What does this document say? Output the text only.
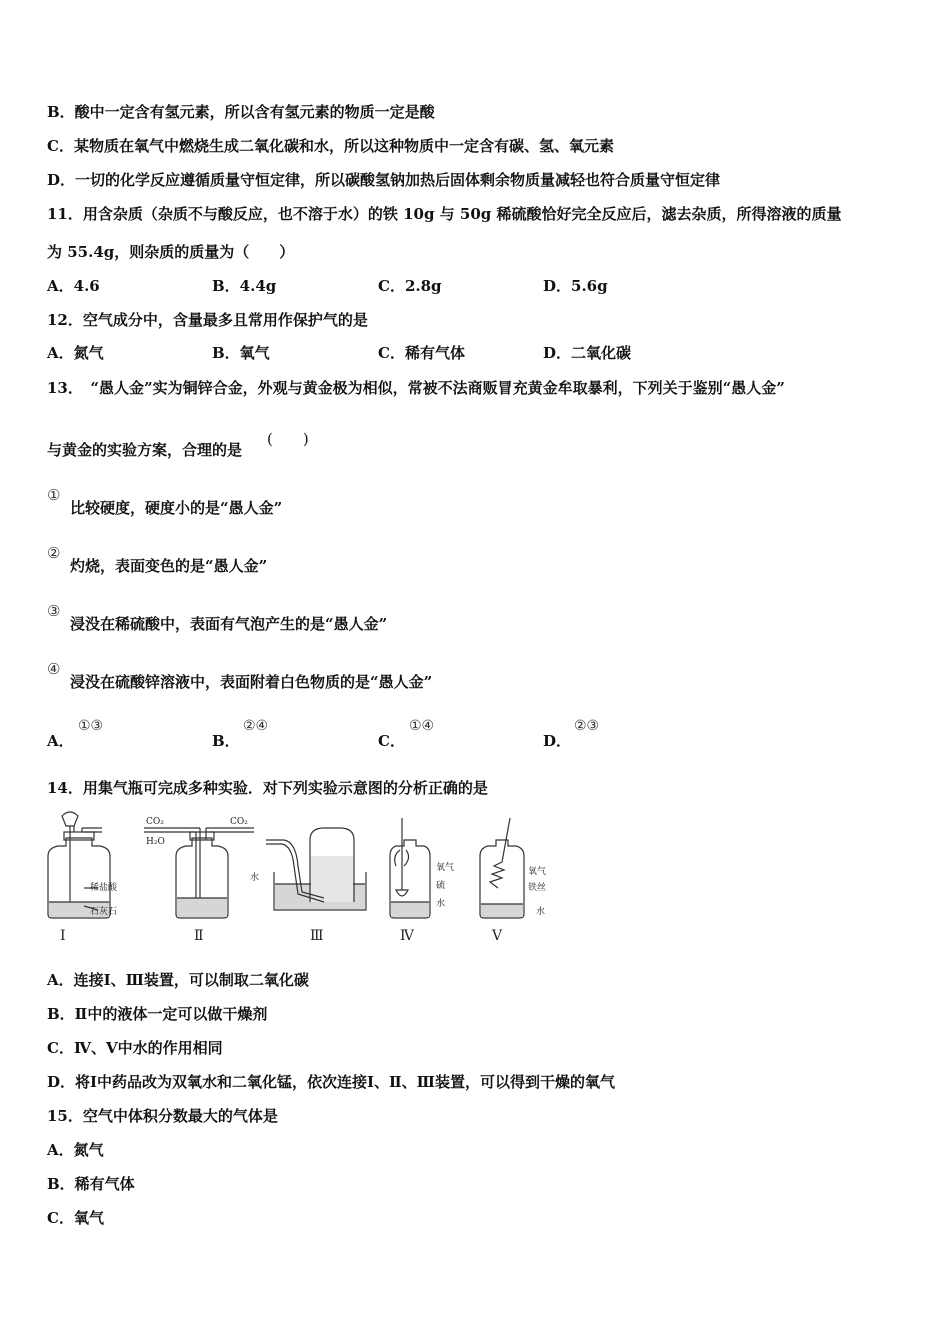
B．酸中一定含有氢元素，所以含有氢元素的物质一定是酸
C．某物质在氧气中燃烧生成二氧化碳和水，所以这种物质中一定含有碳、氢、氧元素
D．一切的化学反应遵循质量守恒定律，所以碳酸氢钠加热后固体剩余物质量减轻也符合质量守恒定律
11．用含杂质（杂质不与酸反应，也不溶于水）的铁 10g 与 50g 稀硫酸恰好完全反应后，滤去杂质，所得溶液的质量
为 55.4g，则杂质的质量为（　　）
A．4.6	B．4.4g	C．2.8g	D．5.6g
12．空气成分中，含量最多且常用作保护气的是
A．氮气	B．氧气	C．稀有气体	D．二氧化碳
13．　“愚人金”实为铜锌合金，外观与黄金极为相似，常被不法商贩冒充黄金牟取暴利，下列关于鉴别“愚人金”
与黄金的实验方案，合理的是
(　　)
①
比较硬度，硬度小的是“愚人金”
②
灼烧，表面变色的是“愚人金”
③
浸没在稀硫酸中，表面有气泡产生的是“愚人金”
④
浸没在硫酸锌溶液中，表面附着白色物质的是“愚人金”
A．
①③
B．
②④
C．
①④
D．
②③
14．用集气瓶可完成多种实验．对下列实验示意图的分析正确的是
稀盐酸
石灰石
CO₂
H₂O
CO₂
水
氧气
硫
水
氧气
铁丝
水
Ⅰ	Ⅱ	Ⅲ	Ⅳ	Ⅴ
A．连接Ⅰ、Ⅲ装置，可以制取二氧化碳
B．Ⅱ中的液体一定可以做干燥剂
C．Ⅳ、Ⅴ中水的作用相同
D．将Ⅰ中药品改为双氧水和二氧化锰，依次连接Ⅰ、Ⅱ、Ⅲ装置，可以得到干燥的氧气
15．空气中体积分数最大的气体是
A．氮气
B．稀有气体
C．氧气
